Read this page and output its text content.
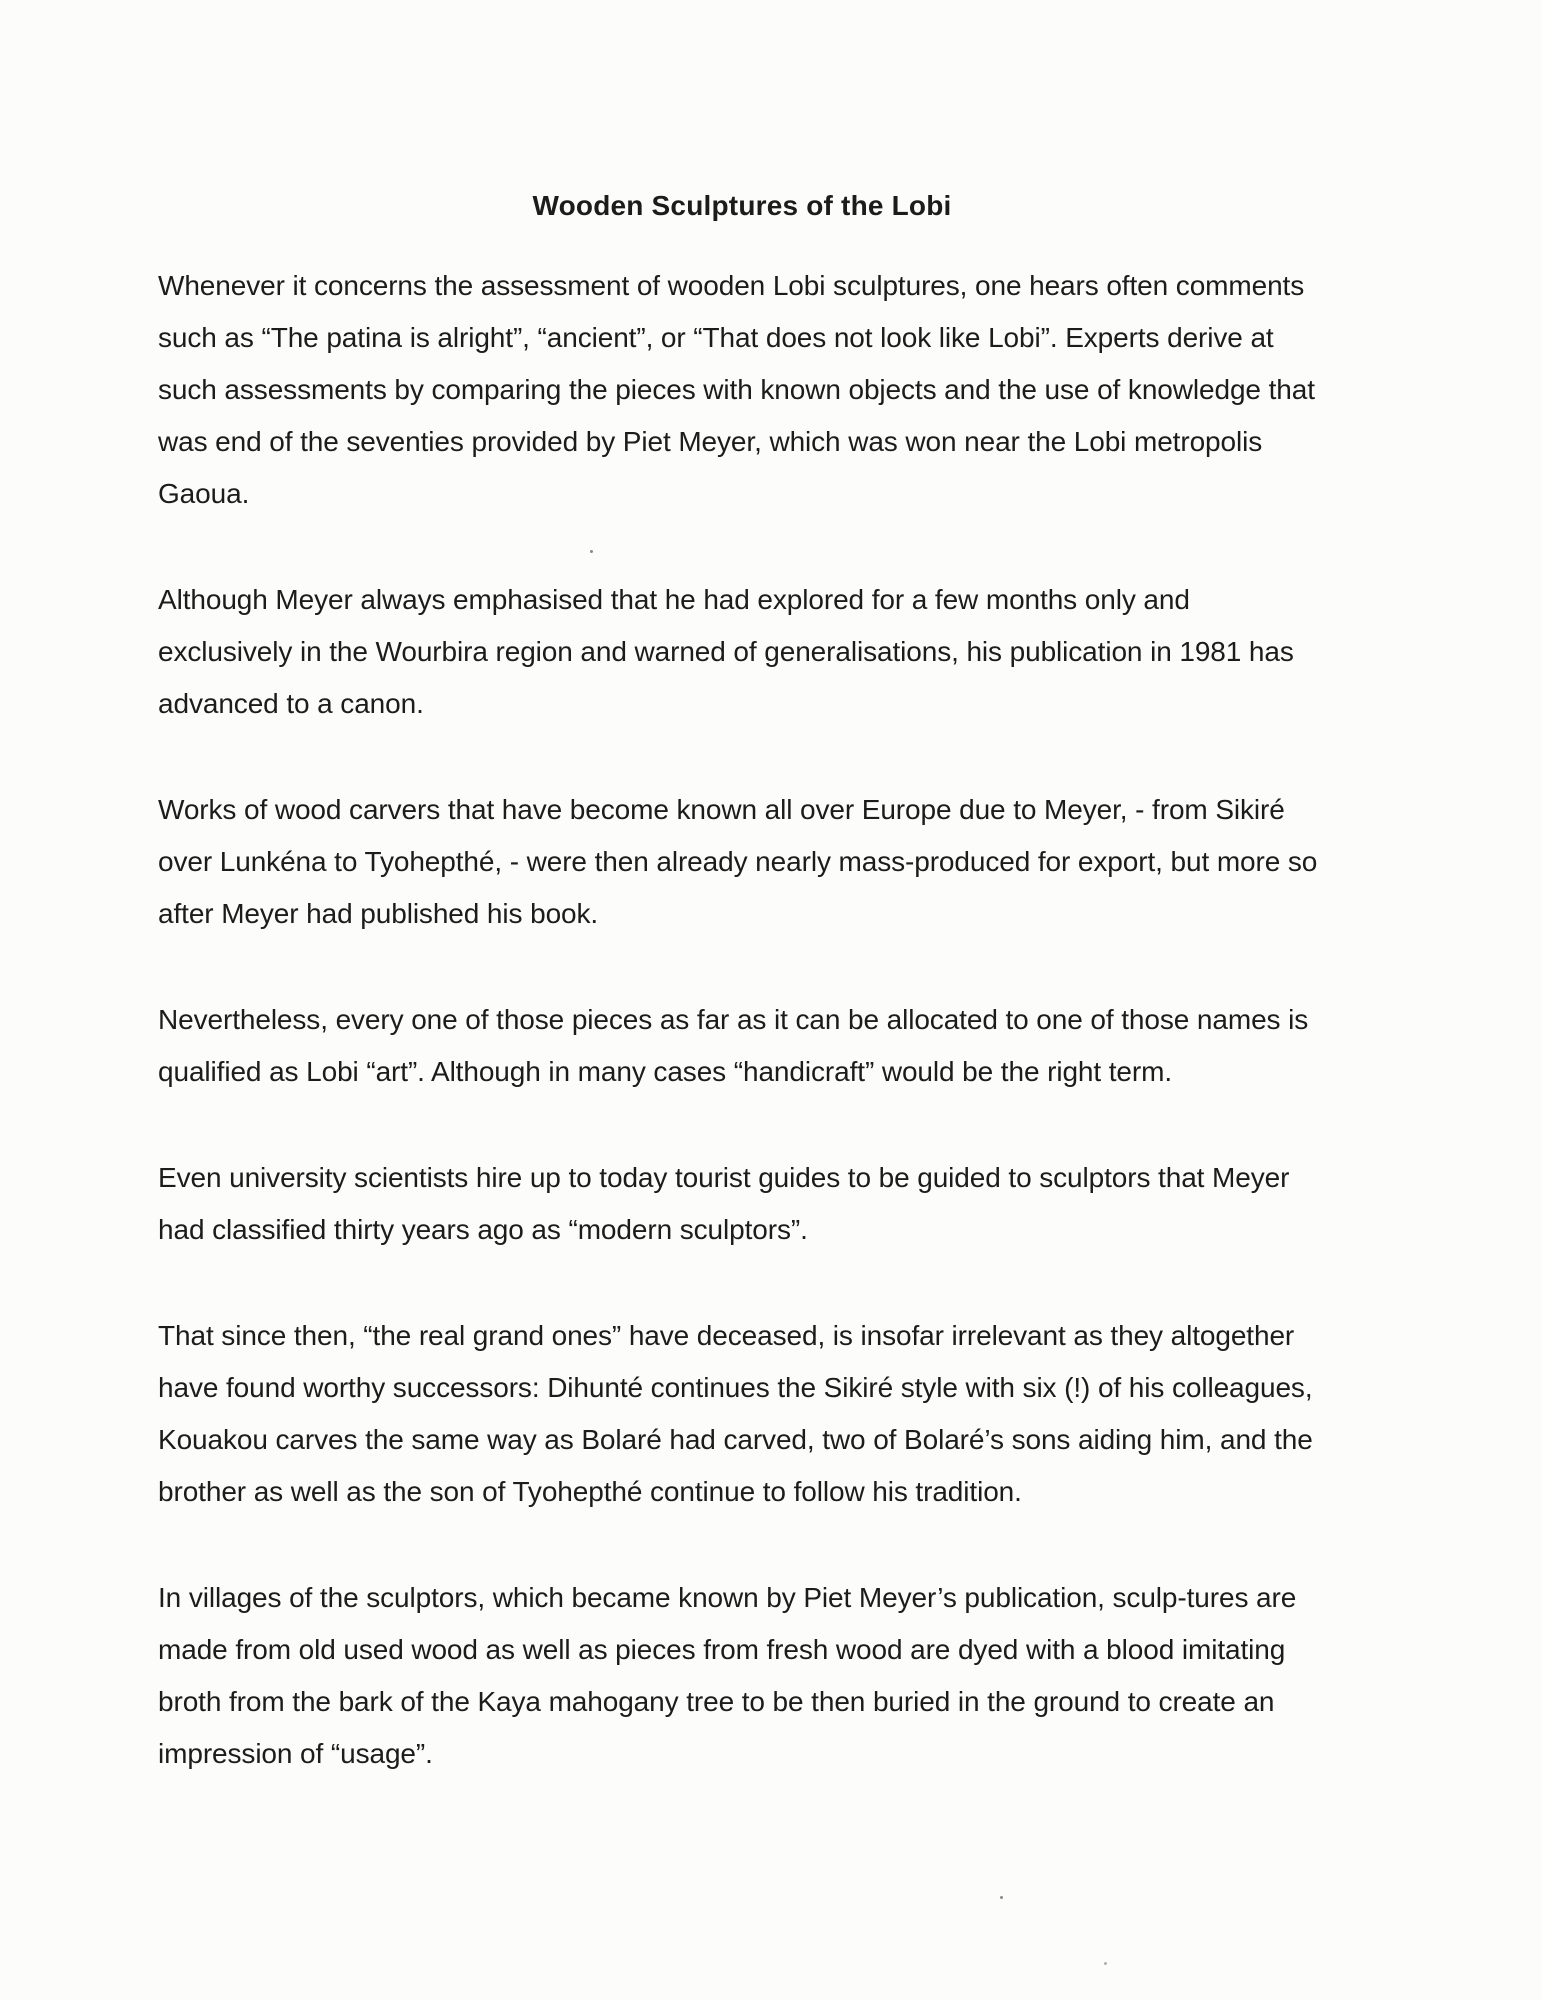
Wooden Sculptures of the Lobi

Whenever it concerns the assessment of wooden Lobi sculptures, one hears often comments such as “The patina is alright”, “ancient”, or “That does not look like Lobi”. Experts derive at such assessments by comparing the pieces with known objects and the use of knowledge that was end of the seventies provided by Piet Meyer, which was won near the Lobi metropolis Gaoua.

Although Meyer always emphasised that he had explored for a few months only and exclusively in the Wourbira region and warned of generalisations, his publication in 1981 has advanced to a canon.

Works of wood carvers that have become known all over Europe due to Meyer, - from Sikiré over Lunkéna to Tyohepthé, - were then already nearly mass-produced for export, but more so after Meyer had published his book.

Nevertheless, every one of those pieces as far as it can be allocated to one of those names is qualified as Lobi “art”. Although in many cases “handicraft” would be the right term.

Even university scientists hire up to today tourist guides to be guided to sculptors that Meyer had classified thirty years ago as “modern sculptors”.

That since then, “the real grand ones” have deceased, is insofar irrelevant as they altogether have found worthy successors: Dihunté continues the Sikiré style with six (!) of his colleagues, Kouakou carves the same way as Bolaré had carved, two of Bolaré’s sons aiding him, and the brother as well as the son of Tyohepthé continue to follow his tradition.

In villages of the sculptors, which became known by Piet Meyer’s publication, sculp-tures are made from old used wood as well as pieces from fresh wood are dyed with a blood imitating broth from the bark of the Kaya mahogany tree to be then buried in the ground to create an impression of “usage”.
